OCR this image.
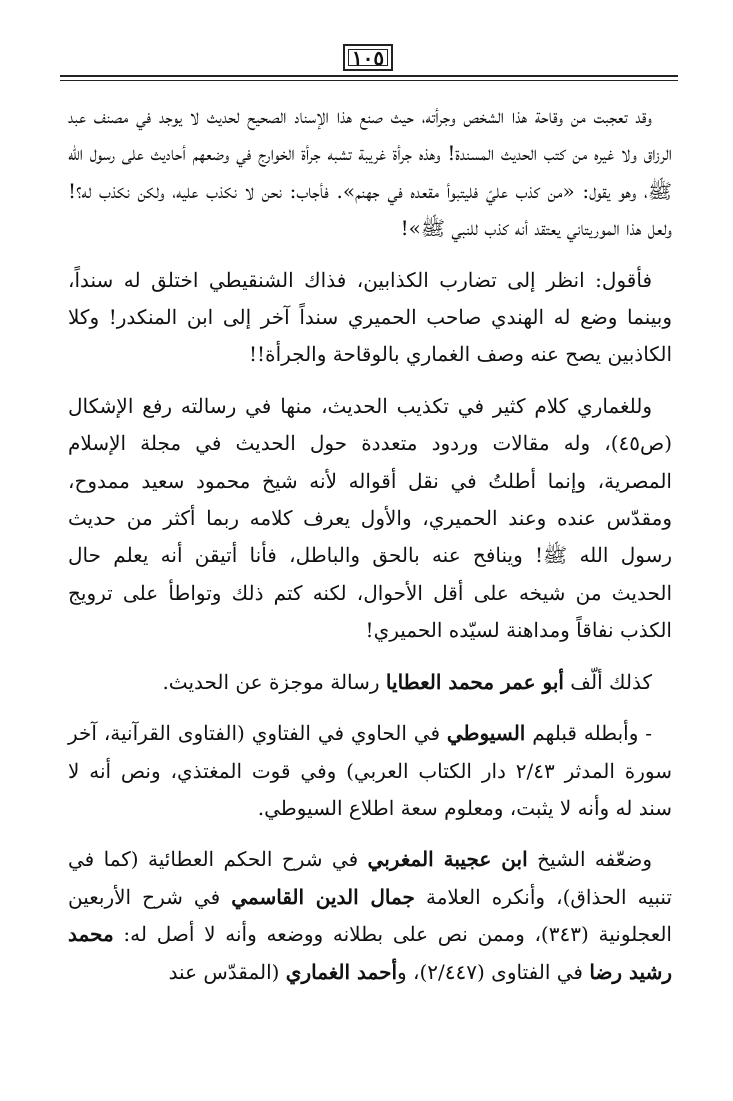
١٠٥

وقد تعجبت من وقاحة هذا الشخص وجرأته، حيث صنع هذا الإسناد الصحيح لحديث لا يوجد في مصنف عبد الرزاق ولا غيره من كتب الحديث المسندة! وهذه جرأة غريبة تشبه جرأة الخوارج في وضعهم أحاديث على رسول الله ﷺ، وهو يقول: «من كذب عليّ فليتبوأ مقعده في جهنم». فأجاب: نحن لا نكذب عليه، ولكن نكذب له؟! ولعل هذا الموريتاني يعتقد أنه كذب للنبي ﷺ»!

فأقول: انظر إلى تضارب الكذابين، فذاك الشنقيطي اختلق له سنداً، وبينما وضع له الهندي صاحب الحميري سنداً آخر إلى ابن المنكدر! وكلا الكاذبين يصح عنه وصف الغماري بالوقاحة والجرأة!!

وللغماري كلام كثير في تكذيب الحديث، منها في رسالته رفع الإشكال (ص٤٥)، وله مقالات وردود متعددة حول الحديث في مجلة الإسلام المصرية، وإنما أطلتُ في نقل أقواله لأنه شيخ محمود سعيد ممدوح، ومقدّس عنده وعند الحميري، والأول يعرف كلامه ربما أكثر من حديث رسول الله ﷺ! وينافح عنه بالحق والباطل، فأنا أتيقن أنه يعلم حال الحديث من شيخه على أقل الأحوال، لكنه كتم ذلك وتواطأ على ترويج الكذب نفاقاً ومداهنة لسيّده الحميري!

كذلك ألّف أبو عمر محمد العطايا رسالة موجزة عن الحديث.

- وأبطله قبلهم السيوطي في الحاوي في الفتاوي (الفتاوى القرآنية، آخر سورة المدثر ٢/٤٣ دار الكتاب العربي) وفي قوت المغتذي، ونص أنه لا سند له وأنه لا يثبت، ومعلوم سعة اطلاع السيوطي.

وضعّفه الشيخ ابن عجيبة المغربي في شرح الحكم العطائية (كما في تنبيه الحذاق)، وأنكره العلامة جمال الدين القاسمي في شرح الأربعين العجلونية (٣٤٣)، وممن نص على بطلانه ووضعه وأنه لا أصل له: محمد رشيد رضا في الفتاوى (٢/٤٤٧)، وأحمد الغماري (المقدّس عند
